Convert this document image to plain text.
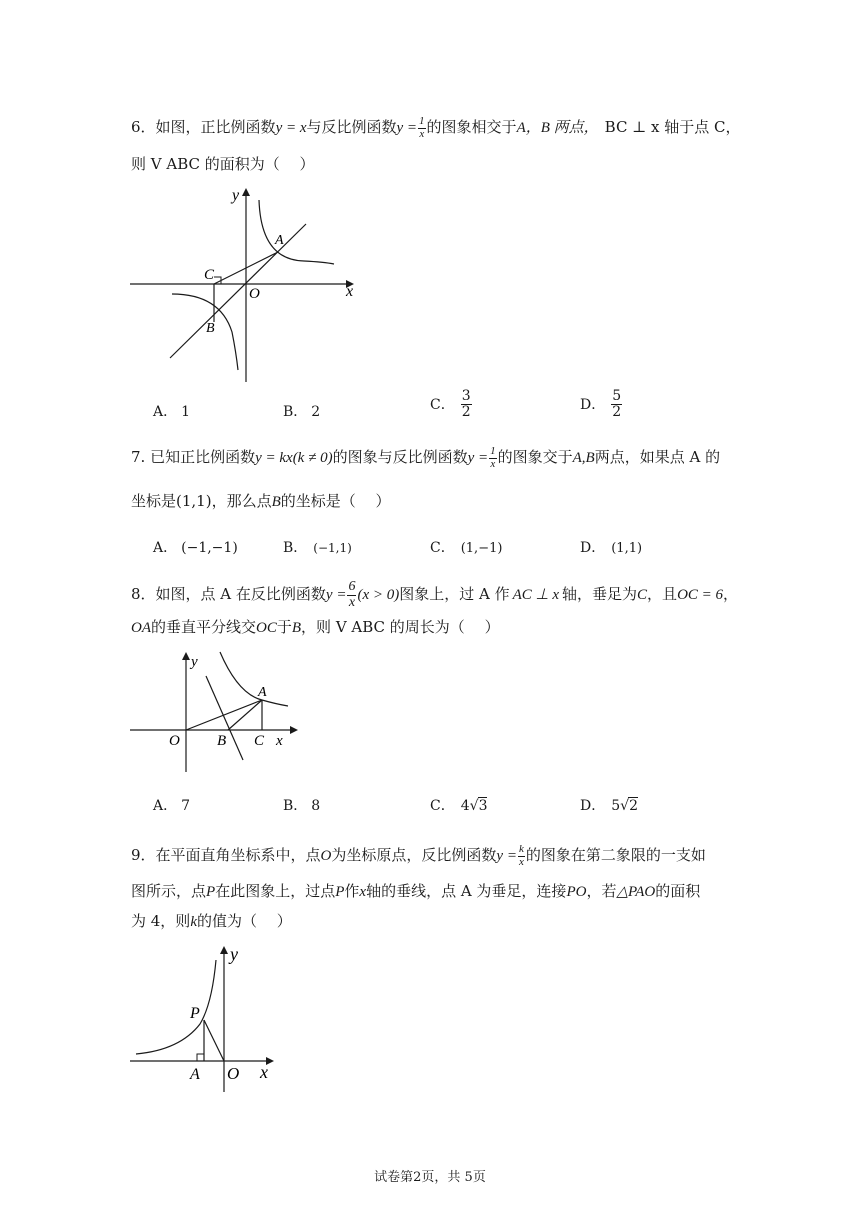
6．如图，正比例函数y = x与反比例函数$y = \frac{1}{x}$ 的图象相交于A，B 两点， BC ⊥ x 轴于点 C，
则 V ABC 的面积为（　 ）
y
x
A
B
C
O
A． 1	B． 2	C． $\frac{3}{2}$	D． $\frac{5}{2}$
7. 已知正比例函数y = kx(k ≠ 0)的图象与反比例函数$y = \frac{1}{x}$ 的图象交于A,B两点，如果点 A 的
坐标是(1,1)，那么点B的坐标是（　 ）
A． (−1,−1)	B． (−1,1)	C． (1,−1)	D． (1,1)
8．如图，点 A 在反比例函数$y = \frac{6}{x} (x > 0)$图象上，过 A 作 AC ⊥ x 轴，垂足为C，且OC = 6，
OA的垂直平分线交OC于B，则 V ABC 的周长为（　 ）
y
x
A
B C
O
A． 7	B． 8	C． 4√3	D． 5√2
9．在平面直角坐标系中，点O为坐标原点，反比例函数$y = \frac{k}{x}$ 的图象在第二象限的一支如
图所示，点P在此图象上，过点P作x轴的垂线，点 A 为垂足，连接PO，若△PAO的面积
为 4，则k的值为（　 ）
y
x
P
A O
试卷第2页，共 5页
